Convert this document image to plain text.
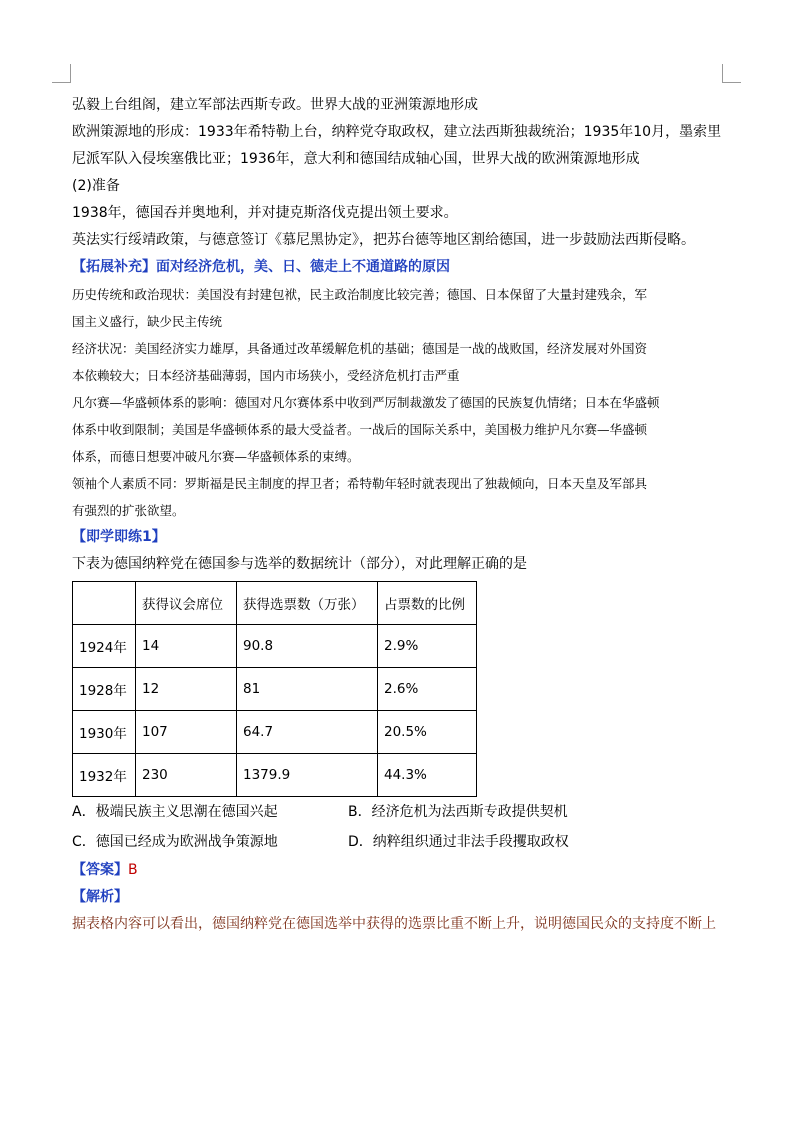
弘毅上台组阁，建立军部法西斯专政。世界大战的亚洲策源地形成
欧洲策源地的形成：1933年希特勒上台，纳粹党夺取政权，建立法西斯独裁统治；1935年10月，墨索里
尼派军队入侵埃塞俄比亚；1936年，意大利和德国结成轴心国，世界大战的欧洲策源地形成
(2)准备
1938年，德国吞并奥地利，并对捷克斯洛伐克提出领土要求。
英法实行绥靖政策，与德意签订《慕尼黑协定》，把苏台德等地区割给德国，进一步鼓励法西斯侵略。
【拓展补充】面对经济危机，美、日、德走上不通道路的原因
历史传统和政治现状：美国没有封建包袱，民主政治制度比较完善；德国、日本保留了大量封建残余，军
国主义盛行，缺少民主传统
经济状况：美国经济实力雄厚，具备通过改革缓解危机的基础；德国是一战的战败国，经济发展对外国资
本依赖较大；日本经济基础薄弱，国内市场狭小，受经济危机打击严重
凡尔赛—华盛顿体系的影响：德国对凡尔赛体系中收到严厉制裁激发了德国的民族复仇情绪；日本在华盛顿
体系中收到限制；美国是华盛顿体系的最大受益者。一战后的国际关系中，美国极力维护凡尔赛—华盛顿
体系，而德日想要冲破凡尔赛—华盛顿体系的束缚。
领袖个人素质不同：罗斯福是民主制度的捍卫者；希特勒年轻时就表现出了独裁倾向，日本天皇及军部具
有强烈的扩张欲望。
【即学即练1】
下表为德国纳粹党在德国参与选举的数据统计（部分），对此理解正确的是
	获得议会席位	获得选票数（万张）	占票数的比例
1924年	14	90.8	2.9%
1928年	12	81	2.6%
1930年	107	64.7	20.5%
1932年	230	1379.9	44.3%
A．极端民族主义思潮在德国兴起	B．经济危机为法西斯专政提供契机
C．德国已经成为欧洲战争策源地	D．纳粹组织通过非法手段攫取政权
【答案】B
【解析】
据表格内容可以看出，德国纳粹党在德国选举中获得的选票比重不断上升，说明德国民众的支持度不断上
